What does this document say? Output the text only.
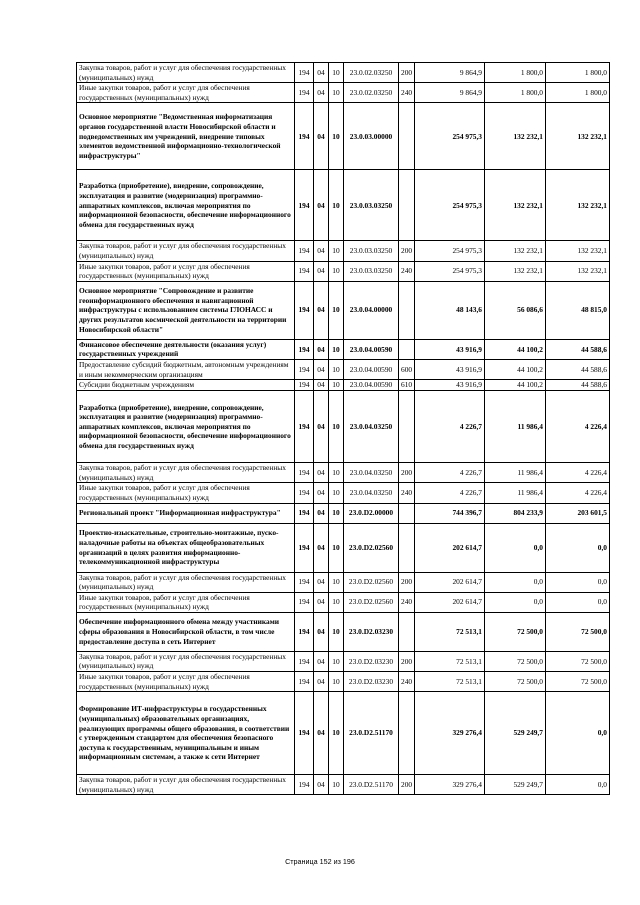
Закупка товаров, работ и услуг для обеспечения государственных (муниципальных) нужд	194	04	10	23.0.02.03250	200	9 864,9	1 800,0	1 800,0
Иные закупки товаров, работ и услуг для обеспечения государственных (муниципальных) нужд	194	04	10	23.0.02.03250	240	9 864,9	1 800,0	1 800,0
Основное мероприятие "Ведомственная информатизация органов государственной власти Новосибирской области и подведомственных им учреждений, внедрение типовых элементов ведомственной информационно-технологической инфраструктуры"	194	04	10	23.0.03.00000		254 975,3	132 232,1	132 232,1
Разработка (приобретение), внедрение, сопровождение, эксплуатация и развитие (модернизация) программно-аппаратных комплексов, включая мероприятия по информационной безопасности, обеспечение информационного обмена для государственных нужд	194	04	10	23.0.03.03250		254 975,3	132 232,1	132 232,1
Закупка товаров, работ и услуг для обеспечения государственных (муниципальных) нужд	194	04	10	23.0.03.03250	200	254 975,3	132 232,1	132 232,1
Иные закупки товаров, работ и услуг для обеспечения государственных (муниципальных) нужд	194	04	10	23.0.03.03250	240	254 975,3	132 232,1	132 232,1
Основное мероприятие "Сопровождение и развитие геоинформационного обеспечения и навигационной инфраструктуры с использованием системы ГЛОНАСС и других результатов космической деятельности на территории Новосибирской области"	194	04	10	23.0.04.00000		48 143,6	56 086,6	48 815,0
Финансовое обеспечение деятельности (оказания услуг) государственных учреждений	194	04	10	23.0.04.00590		43 916,9	44 100,2	44 588,6
Предоставление субсидий бюджетным, автономным учреждениям и иным некоммерческим организациям	194	04	10	23.0.04.00590	600	43 916,9	44 100,2	44 588,6
Субсидии бюджетным учреждениям	194	04	10	23.0.04.00590	610	43 916,9	44 100,2	44 588,6
Разработка (приобретение), внедрение, сопровождение, эксплуатация и развитие (модернизация) программно-аппаратных комплексов, включая мероприятия по информационной безопасности, обеспечение информационного обмена для государственных нужд	194	04	10	23.0.04.03250		4 226,7	11 986,4	4 226,4
Закупка товаров, работ и услуг для обеспечения государственных (муниципальных) нужд	194	04	10	23.0.04.03250	200	4 226,7	11 986,4	4 226,4
Иные закупки товаров, работ и услуг для обеспечения государственных (муниципальных) нужд	194	04	10	23.0.04.03250	240	4 226,7	11 986,4	4 226,4
Региональный проект "Информационная инфраструктура"	194	04	10	23.0.D2.00000		744 396,7	804 233,9	203 601,5
Проектно-изыскательные, строительно-монтажные, пуско-наладочные работы на объектах общеобразовательных организаций в целях развития информационно-телекоммуникационной инфраструктуры	194	04	10	23.0.D2.02560		202 614,7	0,0	0,0
Закупка товаров, работ и услуг для обеспечения государственных (муниципальных) нужд	194	04	10	23.0.D2.02560	200	202 614,7	0,0	0,0
Иные закупки товаров, работ и услуг для обеспечения государственных (муниципальных) нужд	194	04	10	23.0.D2.02560	240	202 614,7	0,0	0,0
Обеспечение информационного обмена между участниками сферы образования в Новосибирской области, в том числе предоставление доступа в сеть Интернет	194	04	10	23.0.D2.03230		72 513,1	72 500,0	72 500,0
Закупка товаров, работ и услуг для обеспечения государственных (муниципальных) нужд	194	04	10	23.0.D2.03230	200	72 513,1	72 500,0	72 500,0
Иные закупки товаров, работ и услуг для обеспечения государственных (муниципальных) нужд	194	04	10	23.0.D2.03230	240	72 513,1	72 500,0	72 500,0
Формирование ИТ-инфраструктуры в государственных (муниципальных) образовательных организациях, реализующих программы общего образования, в соответствии с утвержденным стандартом для обеспечения безопасного доступа к государственным, муниципальным и иным информационным системам, а также к сети Интернет	194	04	10	23.0.D2.51170		329 276,4	529 249,7	0,0
Закупка товаров, работ и услуг для обеспечения государственных (муниципальных) нужд	194	04	10	23.0.D2.51170	200	329 276,4	529 249,7	0,0
Страница 152 из 196
